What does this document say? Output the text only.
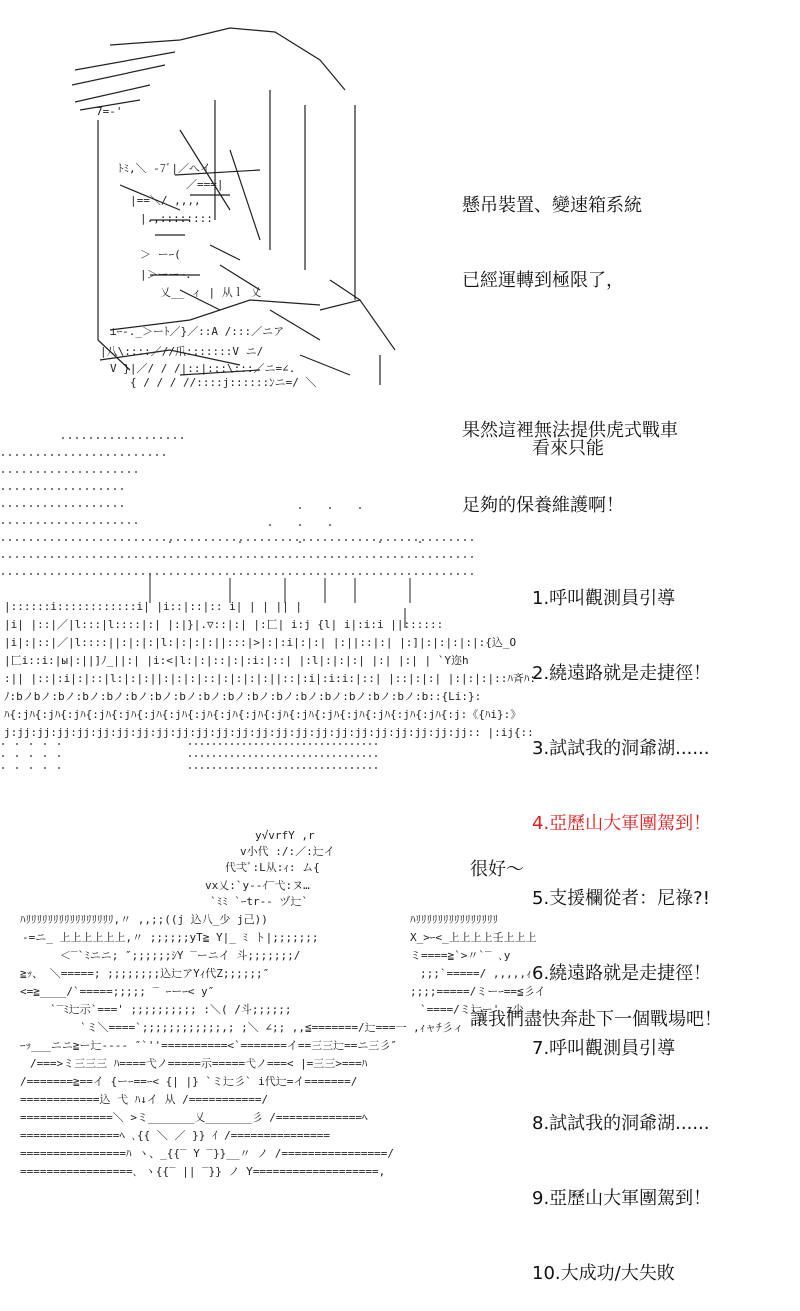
7=-'
ﾄﾐ,＼ -7ﾞ|／へイ
／===|
|==＼/ ,,,,
|.,::::::::
＞ ーｰ(
|＞ーーｰ.
乂__ ィ | 从ｌ 乂
⊥ｰ-._＞ーﾄ／}／::A /:::／ニア
|八\::::／//爪:::::::V ニ/
V }|／/ / /|::|:::\:::／ニ=∠.
{ / / / //::::j::::::ﾝニ=/ ＼

懸吊裝置、變速箱系統

已經運轉到極限了，

果然這裡無法提供虎式戰車

足夠的保養維護啊！

|::::::i::::::::::::i| |i::|::|:: i| | | || |
|i| |::|／|l:::|l::::|:| |:|}|.▽::|:| |:匚| i:j {l| i|:i:i ||::::::
|i|:|::|／|l::::||:|:|:|l:|:|:|:||:::|>|:|:i|:|:| |:||::|:| |:]|:|:|:|:|:{込_O
|匚i::i:|ы|:||]ﾉ_||:| |i:<|l:|:|::|:|:i:|::| |:l|:|:|:| |:| |:| | `Y迩h
:|| |::|:i|:|::|l:|:|:||:|:|:|::|:|:|:|:||::|:i|:i:i:|::| |::|:|:| |:|:|:|::ﾊ斉ﾊ:
ﾉ:bノbノ:bノ:bノ:bノ:bノ:bノ:bノ:bノ:bノ:bノ:bノ:bノ:bノ:bノ:bノ:bノ:b::{Li:}:
ﾊ{:jﾊ{:jﾊ{:jﾊ{:jﾊ{:jﾊ{:jﾊ{:jﾊ{:jﾊ{:jﾊ{:jﾊ{:jﾊ{:jﾊ{:jﾊ{:jﾊ{:jﾊ{:jﾊ{:jﾊ{:j:《{ﾊi}:》
j:jj:jj:jj:jj:jj:jj:jj:jj:jj:jj:jj:jj:jj:jj:jj:jj:jj:jj:jj:jj:jj:jj:jj:: |:ij{::

看來只能

1.呼叫觀測員引導

2.繞遠路就是走捷徑！

3.試試我的洞爺湖......

4.亞歷山大軍團駕到！

5.支援欄從者：尼祿?!

6.繞遠路就是走捷徑！

7.呼叫觀測員引導

8.試試我的洞爺湖......

9.亞歷山大軍團駕到！

10.大成功/大失敗

y√vrfY ,r
v小代 :/:／:辷イ
代弌ﾞ:L从:ｨ: ム{
vx乂:`y--ｲ‾弋:ヌ…
`ﾐﾐ `ｰtr‐‐ ヅ辷`
ﾊﾘﾘﾘﾘﾘﾘﾘﾘﾘﾘﾘﾘﾘﾘﾘﾘ,〃 ,,;;((j 込八_少 j己))	ﾊﾘﾘﾘﾘﾘﾘﾘﾘﾘﾘﾘﾘﾘﾘﾘ
-=ニ_ 上上上上上上,〃 ;;;;;;yT≧ Y|_ ﾐ ト|;;;;;;;	X_>ｰ<_上上上上壬上上上
＜‾`ﾐニニ; ″;;;;;;ｼY ‾ーニイ 斗;;;;;;;/	ミ====≧`>〃`‾ ､y
≧ｯ、 ＼=====; ;;;;;;;;込辷アYｨ代Z;;;;;;″	;;;`=====/ ,,,,,ｨ
<=≧____/`=====;;;;; ‾ ｰーｰ< y″	;;;;=====/ミーｰ==≦彡イ
`‾ﾐ辷示`===' ;;;;;;;;;; :＼( /斗;;;;;;	`====/ミ辷ー' z少
`ミ＼====`;;;;;;;;;;;;,; ;＼ ∠;; ,,≦=======/辷===一 ,ｨャﾁ彡ィ
ｰｯ___ニニ≧ー辷---- ″`''==========<`=======イ==三三辷==ニ三彡″
/===>ミ三三三 ﾊ====弋ノ=====示=====弋ノ===< |=三三>===ﾊ
/=======≧==イ {ーｰ==ｰ< {| |} `ミ辷彡` i代辷=イ=======/
============込 弋 ﾊ↓イ 从 /===========/
==============＼ >ミ_______乂_______彡 /=============ﾍ
===============ﾍ ､{{ ＼ ／ }} ｲ /===============
================ﾊ ヽ、_{{‾ Y ‾}}__〃 ノ /================/
=================､ ヽ{{‾ || ‾}} ノ Y===================,

很好～

讓我們盡快奔赴下一個戰場吧！
